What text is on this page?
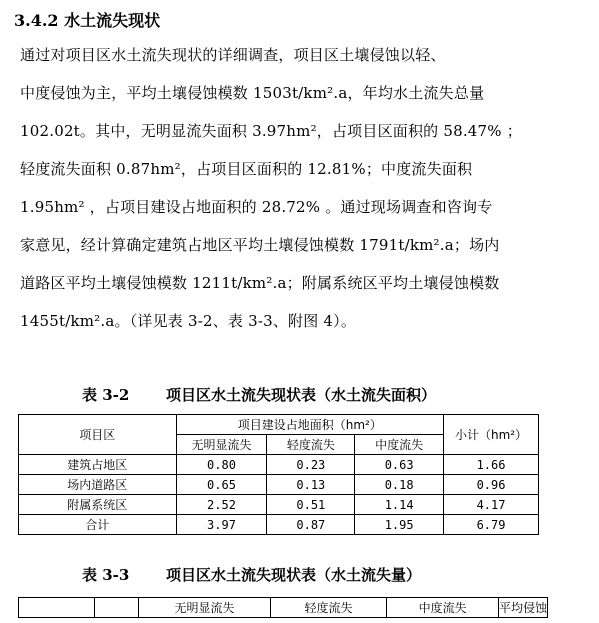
3.4.2 水土流失现状
通过对项目区水土流失现状的详细调查，项目区土壤侵蚀以轻、
中度侵蚀为主，平均土壤侵蚀模数 1503t/km².a，年均水土流失总量
102.02t。其中，无明显流失面积 3.97hm²，占项目区面积的 58.47% ；
轻度流失面积 0.87hm²，占项目区面积的 12.81%；中度流失面积
1.95hm² ，占项目建设占地面积的 28.72% 。通过现场调查和咨询专
家意见，经计算确定建筑占地区平均土壤侵蚀模数 1791t/km².a；场内
道路区平均土壤侵蚀模数 1211t/km².a；附属系统区平均土壤侵蚀模数
1455t/km².a。（详见表 3-2、表 3-3、附图 4）。
表 3-2 项目区水土流失现状表（水土流失面积）
项目区	项目建设占地面积（hm²）			小计（hm²）
	无明显流失	轻度流失	中度流失	
建筑占地区	0.80	0.23	0.63	1.66
场内道路区	0.65	0.13	0.18	0.96
附属系统区	2.52	0.51	1.14	4.17
合计	3.97	0.87	1.95	6.79
表 3-3 项目区水土流失现状表（水土流失量）
		无明显流失	轻度流失	中度流失	平均侵蚀
